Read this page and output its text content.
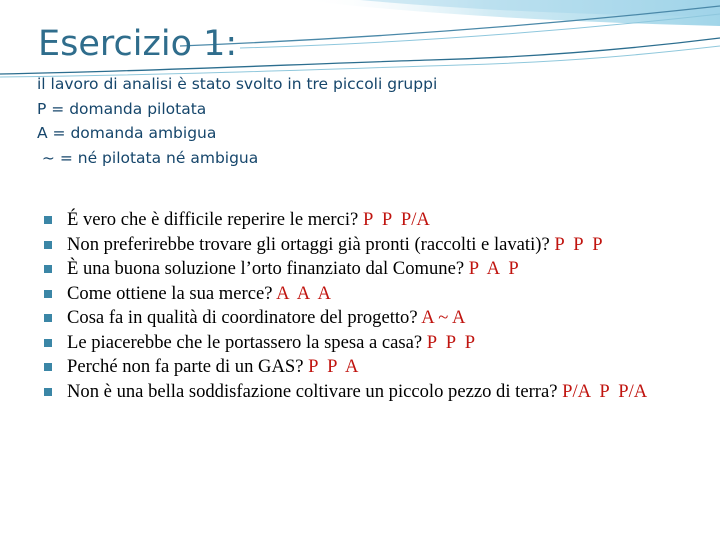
Esercizio 1:
il lavoro di analisi è stato svolto in tre piccoli gruppi
P = domanda pilotata
A = domanda ambigua
~ = né pilotata né ambigua
É vero che è difficile reperire le merci? P  P  P/A
Non preferirebbe trovare gli ortaggi già pronti (raccolti e lavati)? P  P  P
È una buona soluzione l’orto finanziato dal Comune? P  A  P
Come ottiene la sua merce? A  A  A
Cosa fa in qualità di coordinatore del progetto? A ~ A
Le piacerebbe che le portassero la spesa a casa? P  P  P
Perché non fa parte di un GAS? P  P  A
Non è una bella soddisfazione coltivare un piccolo pezzo di terra? P/A  P  P/A
